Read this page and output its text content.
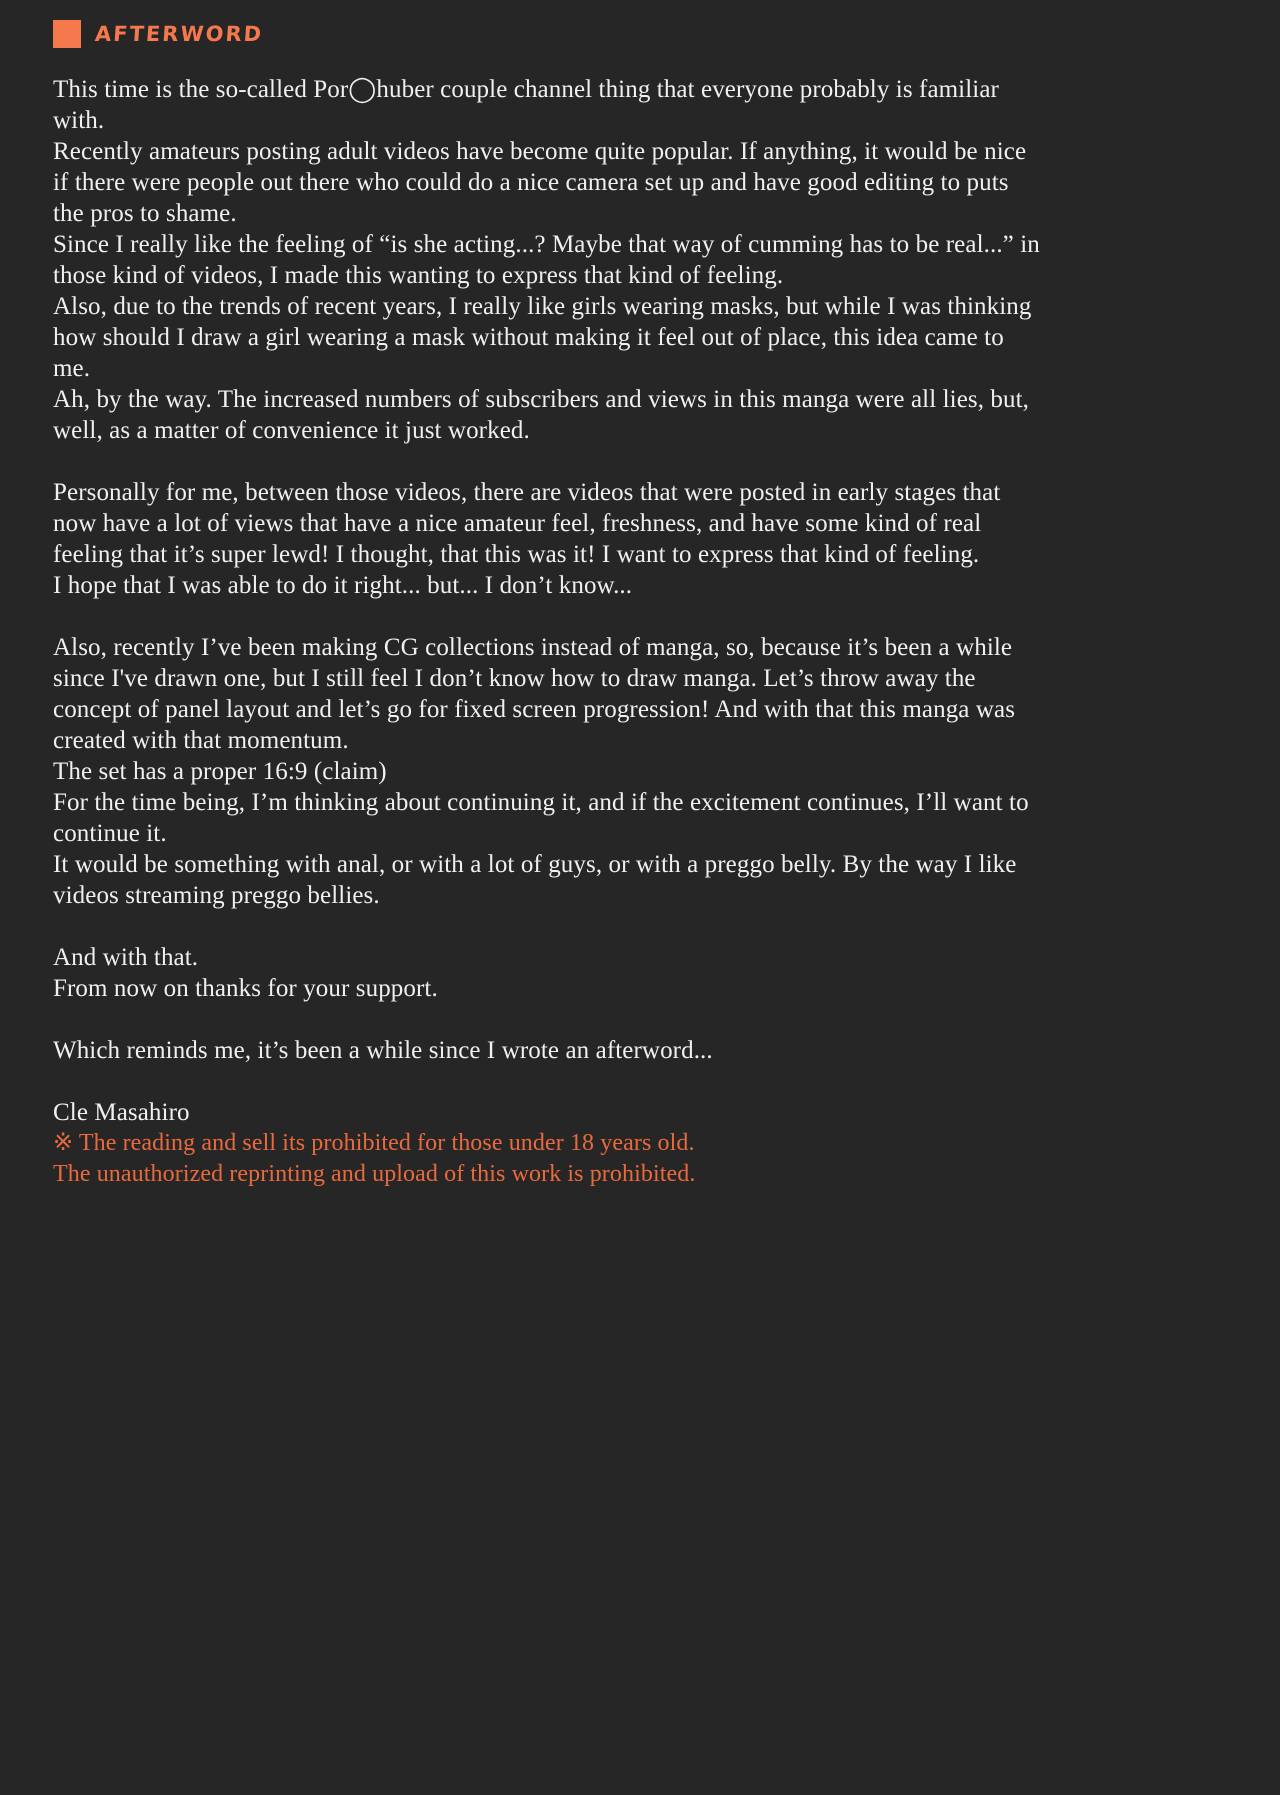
AFTERWORD
This time is the so-called Por◯huber couple channel thing that everyone probably is familiar with.
Recently amateurs posting adult videos have become quite popular. If anything, it would be nice if there were people out there who could do a nice camera set up and have good editing to puts the pros to shame.
Since I really like the feeling of “is she acting...? Maybe that way of cumming has to be real...” in those kind of videos, I made this wanting to express that kind of feeling.
Also, due to the trends of recent years, I really like girls wearing masks, but while I was thinking how should I draw a girl wearing a mask without making it feel out of place, this idea came to me.
Ah, by the way. The increased numbers of subscribers and views in this manga were all lies, but, well, as a matter of convenience it just worked.
Personally for me, between those videos, there are videos that were posted in early stages that now have a lot of views that have a nice amateur feel, freshness, and have some kind of real feeling that it’s super lewd! I thought, that this was it! I want to express that kind of feeling.
I hope that I was able to do it right... but... I don’t know...
Also, recently I’ve been making CG collections instead of manga, so, because it’s been a while since I've drawn one, but I still feel I don’t know how to draw manga. Let’s throw away the concept of panel layout and let’s go for fixed screen progression! And with that this manga was created with that momentum.
The set has a proper 16:9 (claim)
For the time being, I’m thinking about continuing it, and if the excitement continues, I’ll want to continue it.
It would be something with anal, or with a lot of guys, or with a preggo belly. By the way I like videos streaming preggo bellies.
And with that.
From now on thanks for your support.
Which reminds me, it’s been a while since I wrote an afterword...
Cle Masahiro
※ The reading and sell its prohibited for those under 18 years old.
The unauthorized reprinting and upload of this work is prohibited.
